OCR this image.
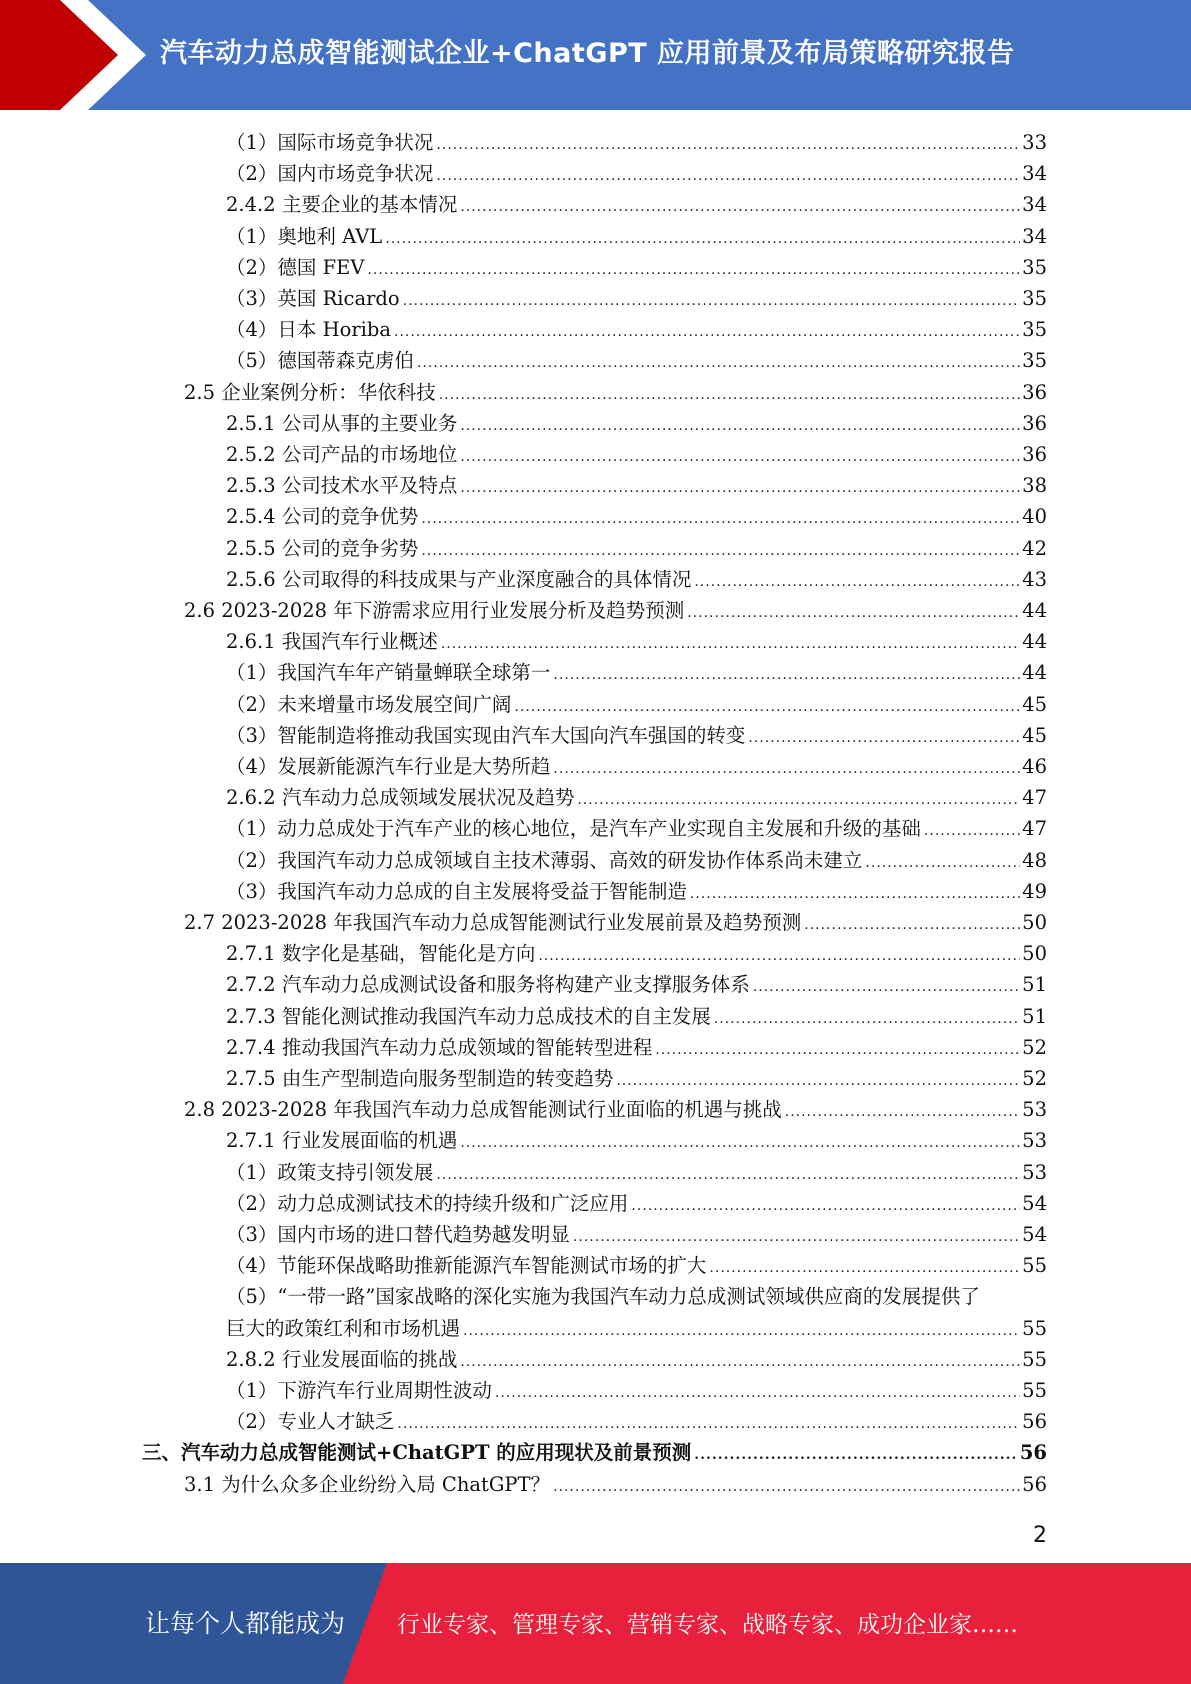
汽车动力总成智能测试企业+ChatGPT 应用前景及布局策略研究报告
（1）国际市场竞争状况 .....	33
（2）国内市场竞争状况 .....	34
2.4.2 主要企业的基本情况 .....	34
（1）奥地利 AVL .....	34
（2）德国 FEV .....	35
（3）英国 Ricardo .....	35
（4）日本 Horiba .....	35
（5）德国蒂森克虏伯 .....	35
2.5 企业案例分析：华依科技 .....	36
2.5.1 公司从事的主要业务 .....	36
2.5.2 公司产品的市场地位 .....	36
2.5.3 公司技术水平及特点 .....	38
2.5.4 公司的竞争优势 .....	40
2.5.5 公司的竞争劣势 .....	42
2.5.6 公司取得的科技成果与产业深度融合的具体情况 .....	43
2.6 2023-2028 年下游需求应用行业发展分析及趋势预测 .....	44
2.6.1 我国汽车行业概述 .....	44
（1）我国汽车年产销量蝉联全球第一 .....	44
（2）未来增量市场发展空间广阔 .....	45
（3）智能制造将推动我国实现由汽车大国向汽车强国的转变 .....	45
（4）发展新能源汽车行业是大势所趋 .....	46
2.6.2 汽车动力总成领域发展状况及趋势 .....	47
（1）动力总成处于汽车产业的核心地位，是汽车产业实现自主发展和升级的基础 .....	47
（2）我国汽车动力总成领域自主技术薄弱、高效的研发协作体系尚未建立 .....	48
（3）我国汽车动力总成的自主发展将受益于智能制造 .....	49
2.7 2023-2028 年我国汽车动力总成智能测试行业发展前景及趋势预测 .....	50
2.7.1 数字化是基础，智能化是方向 .....	50
2.7.2 汽车动力总成测试设备和服务将构建产业支撑服务体系 .....	51
2.7.3 智能化测试推动我国汽车动力总成技术的自主发展 .....	51
2.7.4 推动我国汽车动力总成领域的智能转型进程 .....	52
2.7.5 由生产型制造向服务型制造的转变趋势 .....	52
2.8 2023-2028 年我国汽车动力总成智能测试行业面临的机遇与挑战 .....	53
2.7.1 行业发展面临的机遇 .....	53
（1）政策支持引领发展 .....	53
（2）动力总成测试技术的持续升级和广泛应用 .....	54
（3）国内市场的进口替代趋势越发明显 .....	54
（4）节能环保战略助推新能源汽车智能测试市场的扩大 .....	55
（5）“一带一路”国家战略的深化实施为我国汽车动力总成测试领域供应商的发展提供了
巨大的政策红利和市场机遇 .....	55
2.8.2 行业发展面临的挑战 .....	55
（1）下游汽车行业周期性波动 .....	55
（2）专业人才缺乏 .....	56
三、汽车动力总成智能测试+ChatGPT 的应用现状及前景预测 .....	56
3.1 为什么众多企业纷纷入局 ChatGPT？ .....	56
2
让每个人都能成为 行业专家、管理专家、营销专家、战略专家、成功企业家……
